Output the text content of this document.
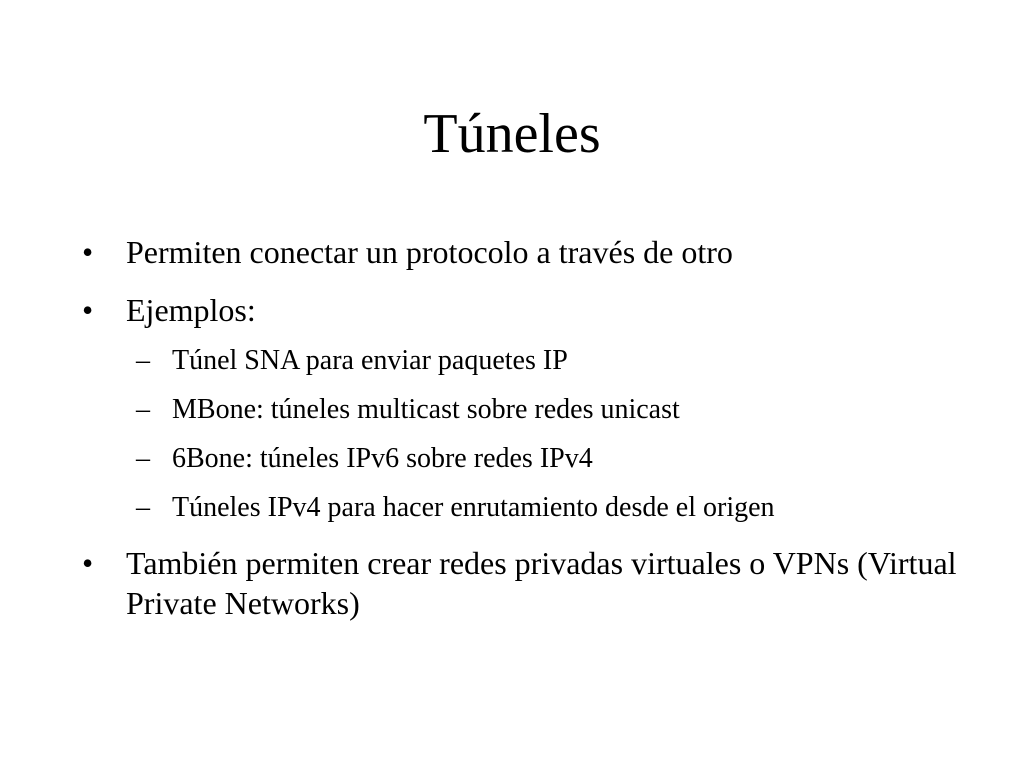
Túneles
•	Permiten conectar un protocolo a través de otro
•	Ejemplos:
– Túnel SNA para enviar paquetes IP
– MBone: túneles multicast sobre redes unicast
– 6Bone: túneles IPv6 sobre redes IPv4
– Túneles IPv4 para hacer enrutamiento desde el origen
•	También permiten crear redes privadas virtuales o VPNs (Virtual Private Networks)
